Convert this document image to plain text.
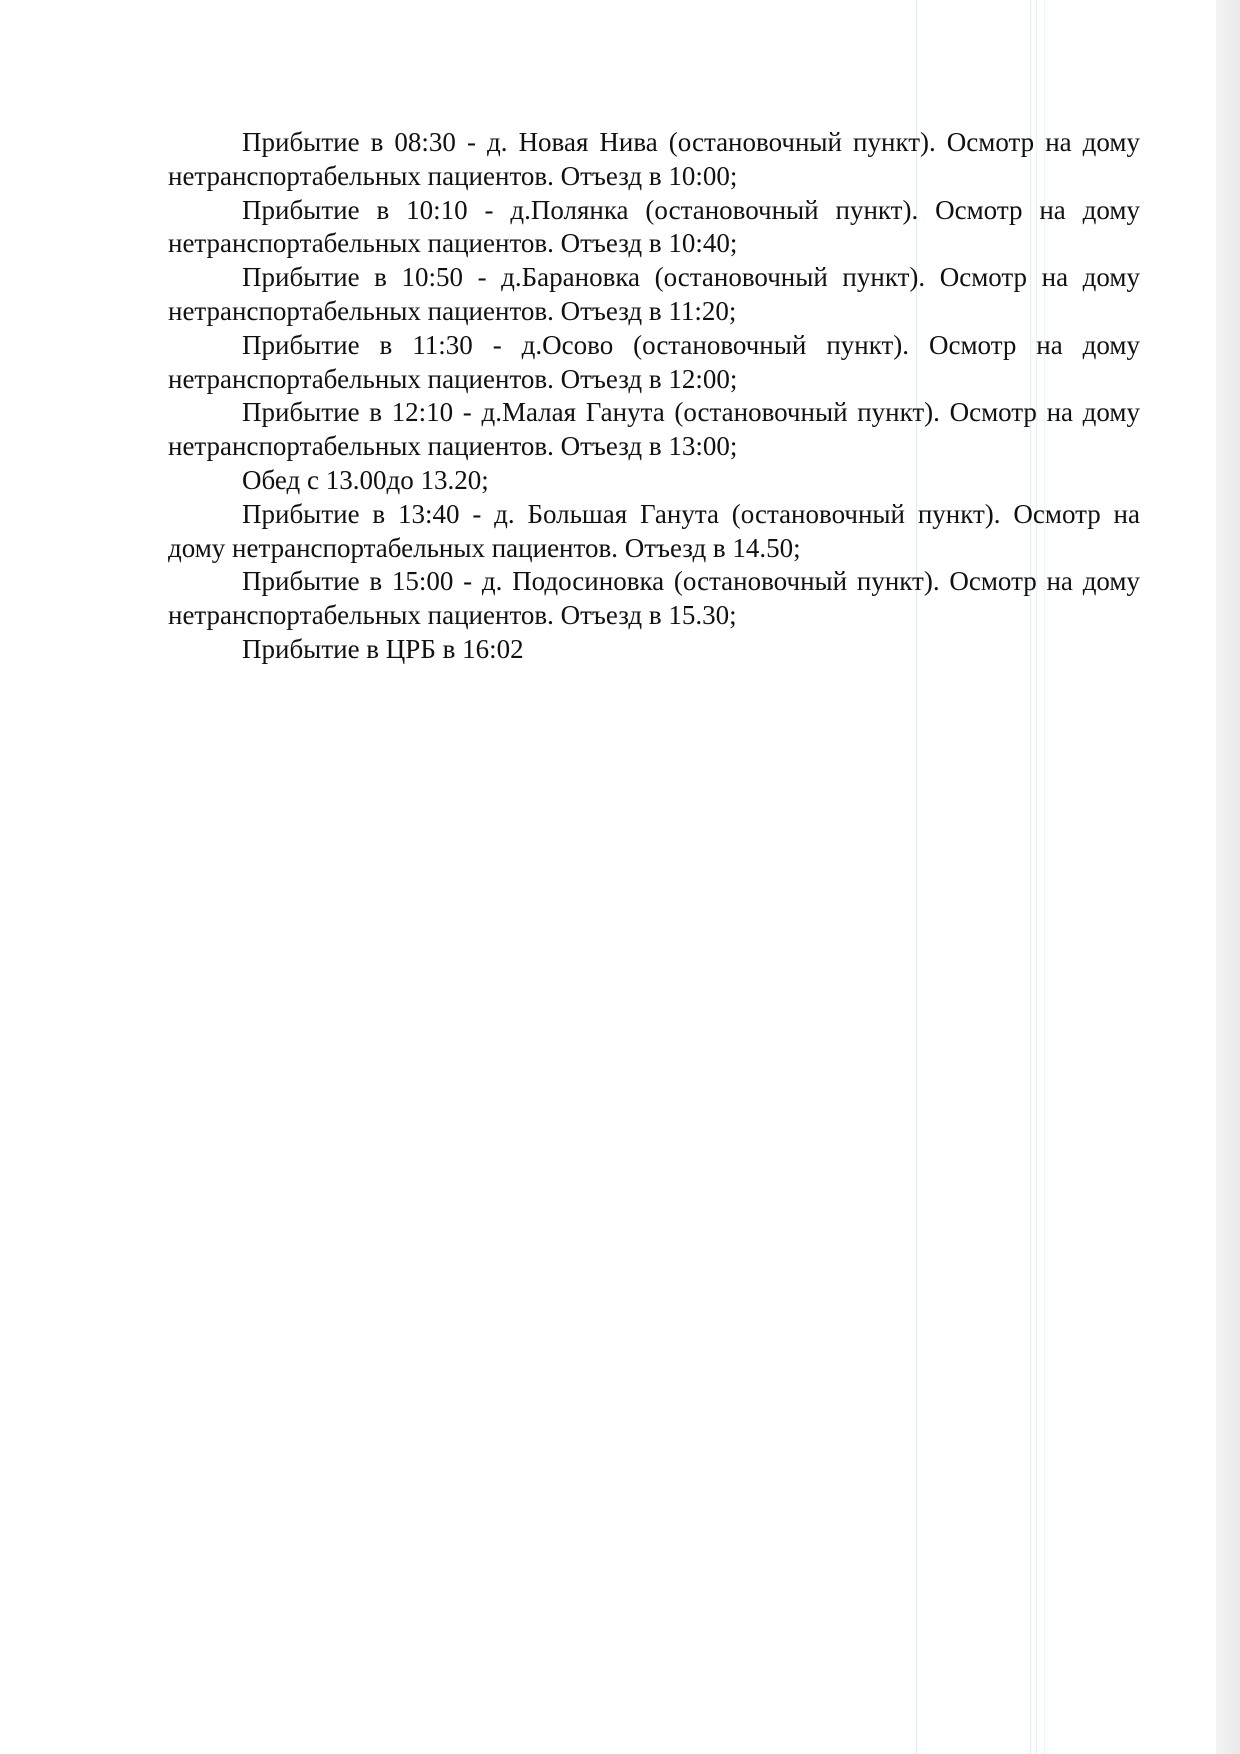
Прибытие в 08:30 - д. Новая Нива (остановочный пункт). Осмотр на дому нетранспортабельных пациентов. Отъезд в 10:00;

Прибытие в 10:10 - д.Полянка (остановочный пункт). Осмотр на дому нетранспортабельных пациентов. Отъезд в 10:40;

Прибытие в 10:50 - д.Барановка (остановочный пункт). Осмотр на дому нетранспортабельных пациентов. Отъезд в 11:20;

Прибытие в 11:30 - д.Осово (остановочный пункт). Осмотр на дому нетранспортабельных пациентов. Отъезд в 12:00;

Прибытие в 12:10 - д.Малая Ганута (остановочный пункт). Осмотр на дому нетранспортабельных пациентов. Отъезд в 13:00;

Обед с 13.00до 13.20;

Прибытие в 13:40 - д. Большая Ганута (остановочный пункт). Осмотр на дому нетранспортабельных пациентов. Отъезд в 14.50;

Прибытие в 15:00 - д. Подосиновка (остановочный пункт). Осмотр на дому нетранспортабельных пациентов. Отъезд в 15.30;

Прибытие в ЦРБ в 16:02
